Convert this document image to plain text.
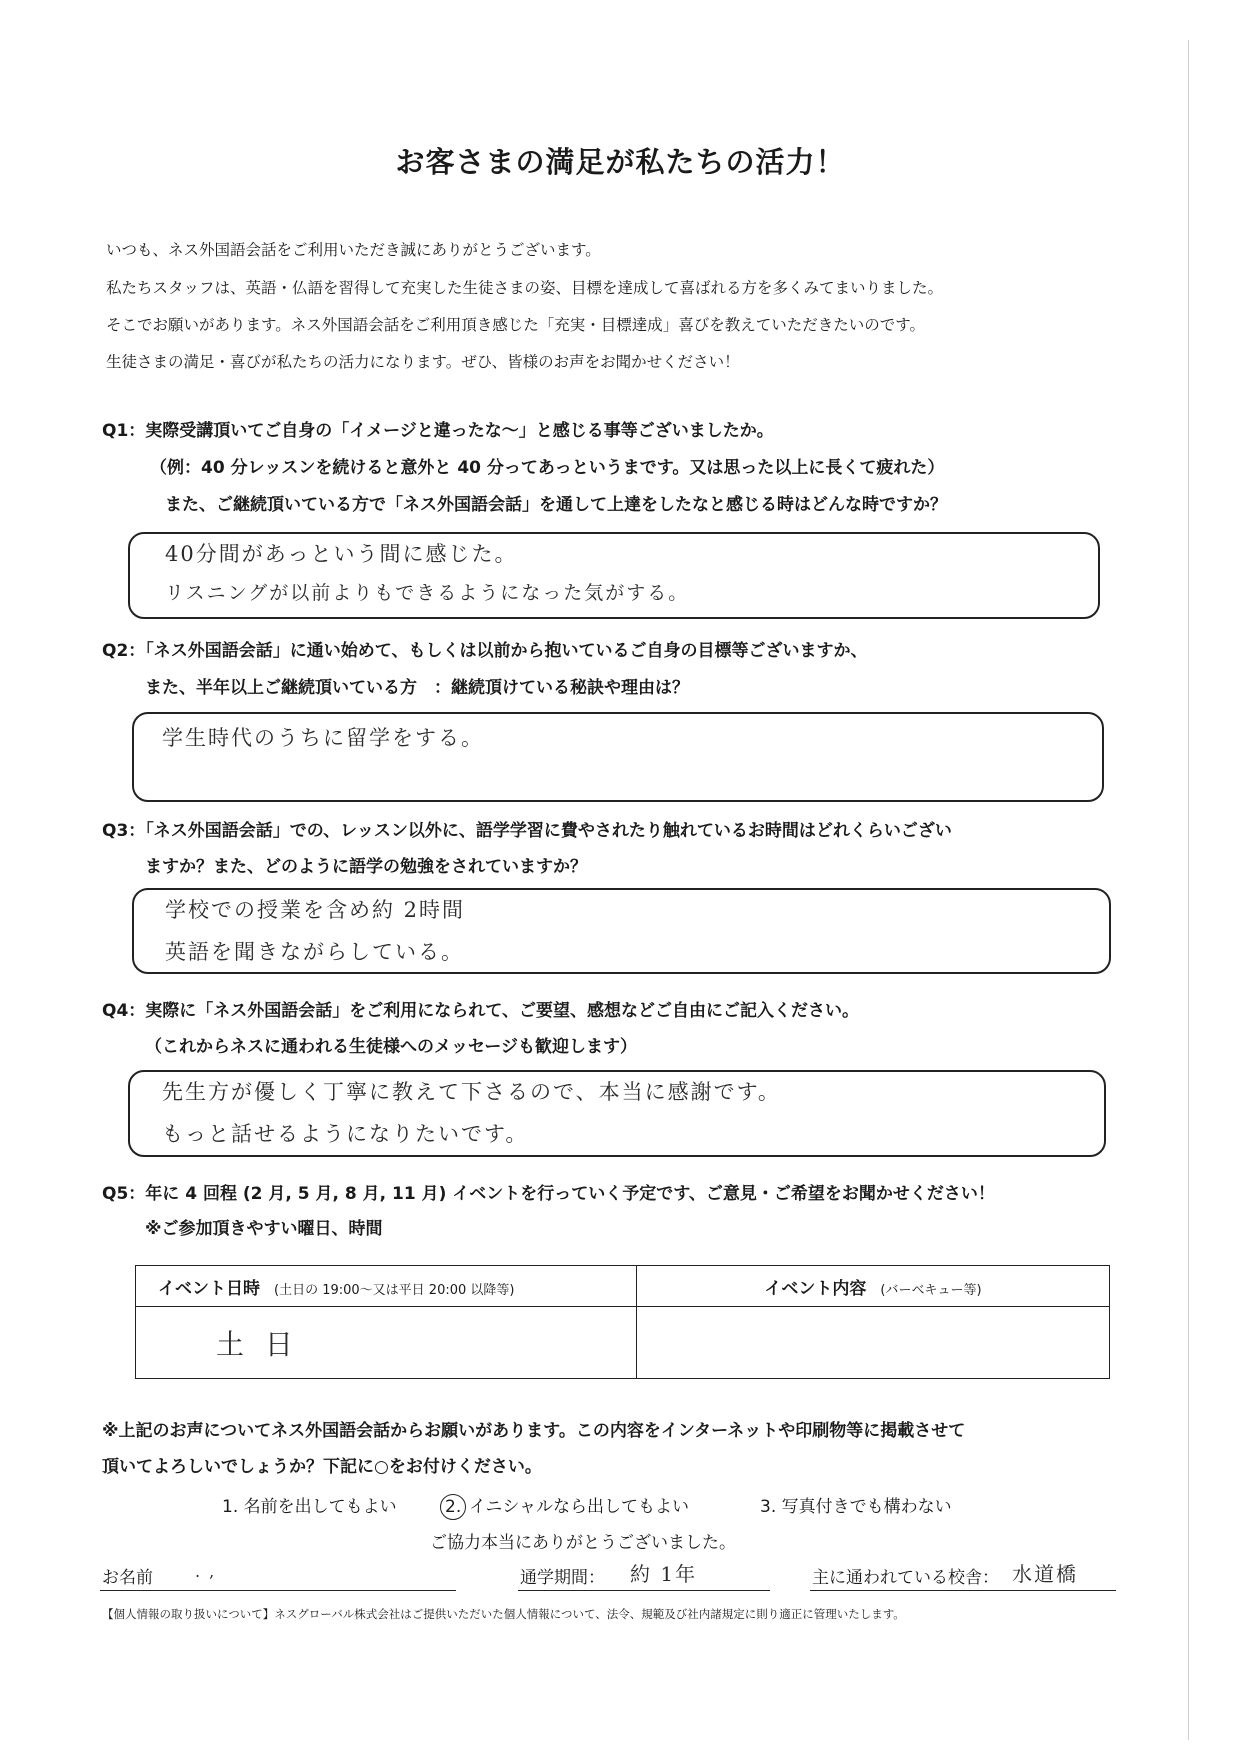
お客さまの満足が私たちの活力！
いつも、ネス外国語会話をご利用いただき誠にありがとうございます。
私たちスタッフは、英語・仏語を習得して充実した生徒さまの姿、目標を達成して喜ばれる方を多くみてまいりました。
そこでお願いがあります。ネス外国語会話をご利用頂き感じた「充実・目標達成」喜びを教えていただきたいのです。
生徒さまの満足・喜びが私たちの活力になります。ぜひ、皆様のお声をお聞かせください！
Q1：実際受講頂いてご自身の「イメージと違ったな～」と感じる事等ございましたか。
（例：40 分レッスンを続けると意外と 40 分ってあっというまです。又は思った以上に長くて疲れた）
また、ご継続頂いている方で「ネス外国語会話」を通して上達をしたなと感じる時はどんな時ですか？
40分間があっという間に感じた。
リスニングが以前よりもできるようになった気がする。
Q2：「ネス外国語会話」に通い始めて、もしくは以前から抱いているご自身の目標等ございますか、
また、半年以上ご継続頂いている方　：継続頂けている秘訣や理由は？
学生時代のうちに留学をする。
Q3：「ネス外国語会話」での、レッスン以外に、語学学習に費やされたり触れているお時間はどれくらいござい
ますか？また、どのように語学の勉強をされていますか？
学校での授業を含め約 2時間
英語を聞きながらしている。
Q4：実際に「ネス外国語会話」をご利用になられて、ご要望、感想などご自由にご記入ください。
（これからネスに通われる生徒様へのメッセージも歓迎します）
先生方が優しく丁寧に教えて下さるので、本当に感謝です。
もっと話せるようになりたいです。
Q5：年に 4 回程 (2 月, 5 月, 8 月, 11 月) イベントを行っていく予定です、ご意見・ご希望をお聞かせください！
※ご参加頂きやすい曜日、時間
イベント日時 (土日の 19:00～又は平日 20:00 以降等)	イベント内容 (バーベキュー等)
土 日	
※上記のお声についてネス外国語会話からお願いがあります。この内容をインターネットや印刷物等に掲載させて
頂いてよろしいでしょうか？下記に○をお付けください。
1. 名前を出してもよい	2. イニシャルなら出してもよい	3. 写真付きでも構わない
ご協力本当にありがとうございました。
お名前	. ,	通学期間： 約 1年	主に通われている校舎： 水道橋
【個人情報の取り扱いについて】ネスグローバル株式会社はご提供いただいた個人情報について、法令、規範及び社内諸規定に則り適正に管理いたします。
